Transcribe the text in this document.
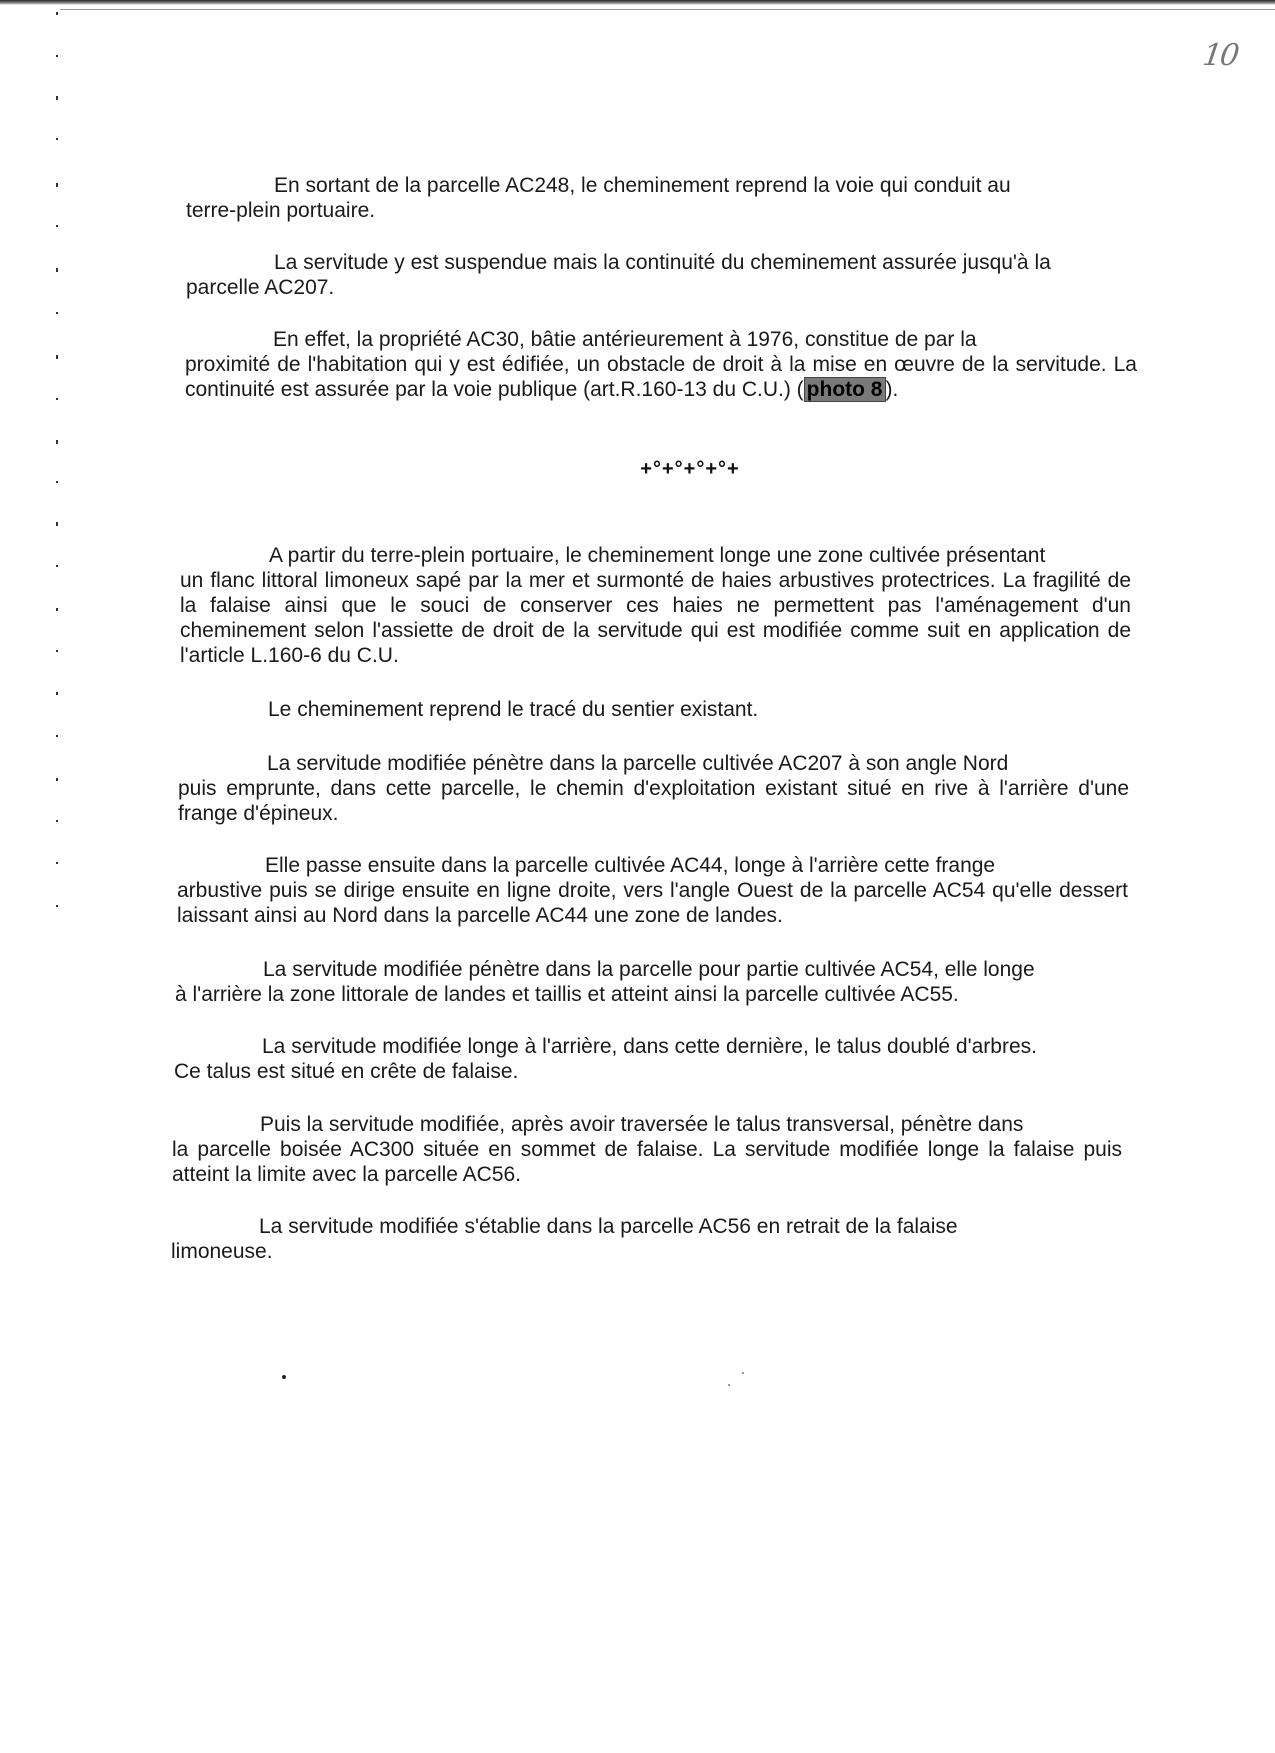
10

En sortant de la parcelle AC248, le cheminement reprend la voie qui conduit au
terre-plein portuaire.

La servitude y est suspendue mais la continuité du cheminement assurée jusqu'à la
parcelle AC207.

En effet, la propriété AC30, bâtie antérieurement à 1976, constitue de par la
proximité de l'habitation qui y est édifiée, un obstacle de droit à la mise en œuvre de la servitude. La continuité est assurée par la voie publique (art.R.160-13 du C.U.) ( photo 8 ).

+°+°+°+°+

A partir du terre-plein portuaire, le cheminement longe une zone cultivée présentant
un flanc littoral limoneux sapé par la mer et surmonté de haies arbustives protectrices. La fragilité de la falaise ainsi que le souci de conserver ces haies ne permettent pas l'aménagement d'un cheminement selon l'assiette de droit de la servitude qui est modifiée comme suit en application de l'article L.160-6 du C.U.

Le cheminement reprend le tracé du sentier existant.

La servitude modifiée pénètre dans la parcelle cultivée AC207 à son angle Nord
puis emprunte, dans cette parcelle, le chemin d'exploitation existant situé en rive à l'arrière d'une frange d'épineux.

Elle passe ensuite dans la parcelle cultivée AC44, longe à l'arrière cette frange
arbustive puis se dirige ensuite en ligne droite, vers l'angle Ouest de la parcelle AC54 qu'elle dessert laissant ainsi au Nord dans la parcelle AC44 une zone de landes.

La servitude modifiée pénètre dans la parcelle pour partie cultivée AC54, elle longe
à l'arrière la zone littorale de landes et taillis et atteint ainsi la parcelle cultivée AC55.

La servitude modifiée longe à l'arrière, dans cette dernière, le talus doublé d'arbres.
Ce talus est situé en crête de falaise.

Puis la servitude modifiée, après avoir traversée le talus transversal, pénètre dans
la parcelle boisée AC300 située en sommet de falaise. La servitude modifiée longe la falaise puis atteint la limite avec la parcelle AC56.

La servitude modifiée s'établie dans la parcelle AC56 en retrait de la falaise
limoneuse.
